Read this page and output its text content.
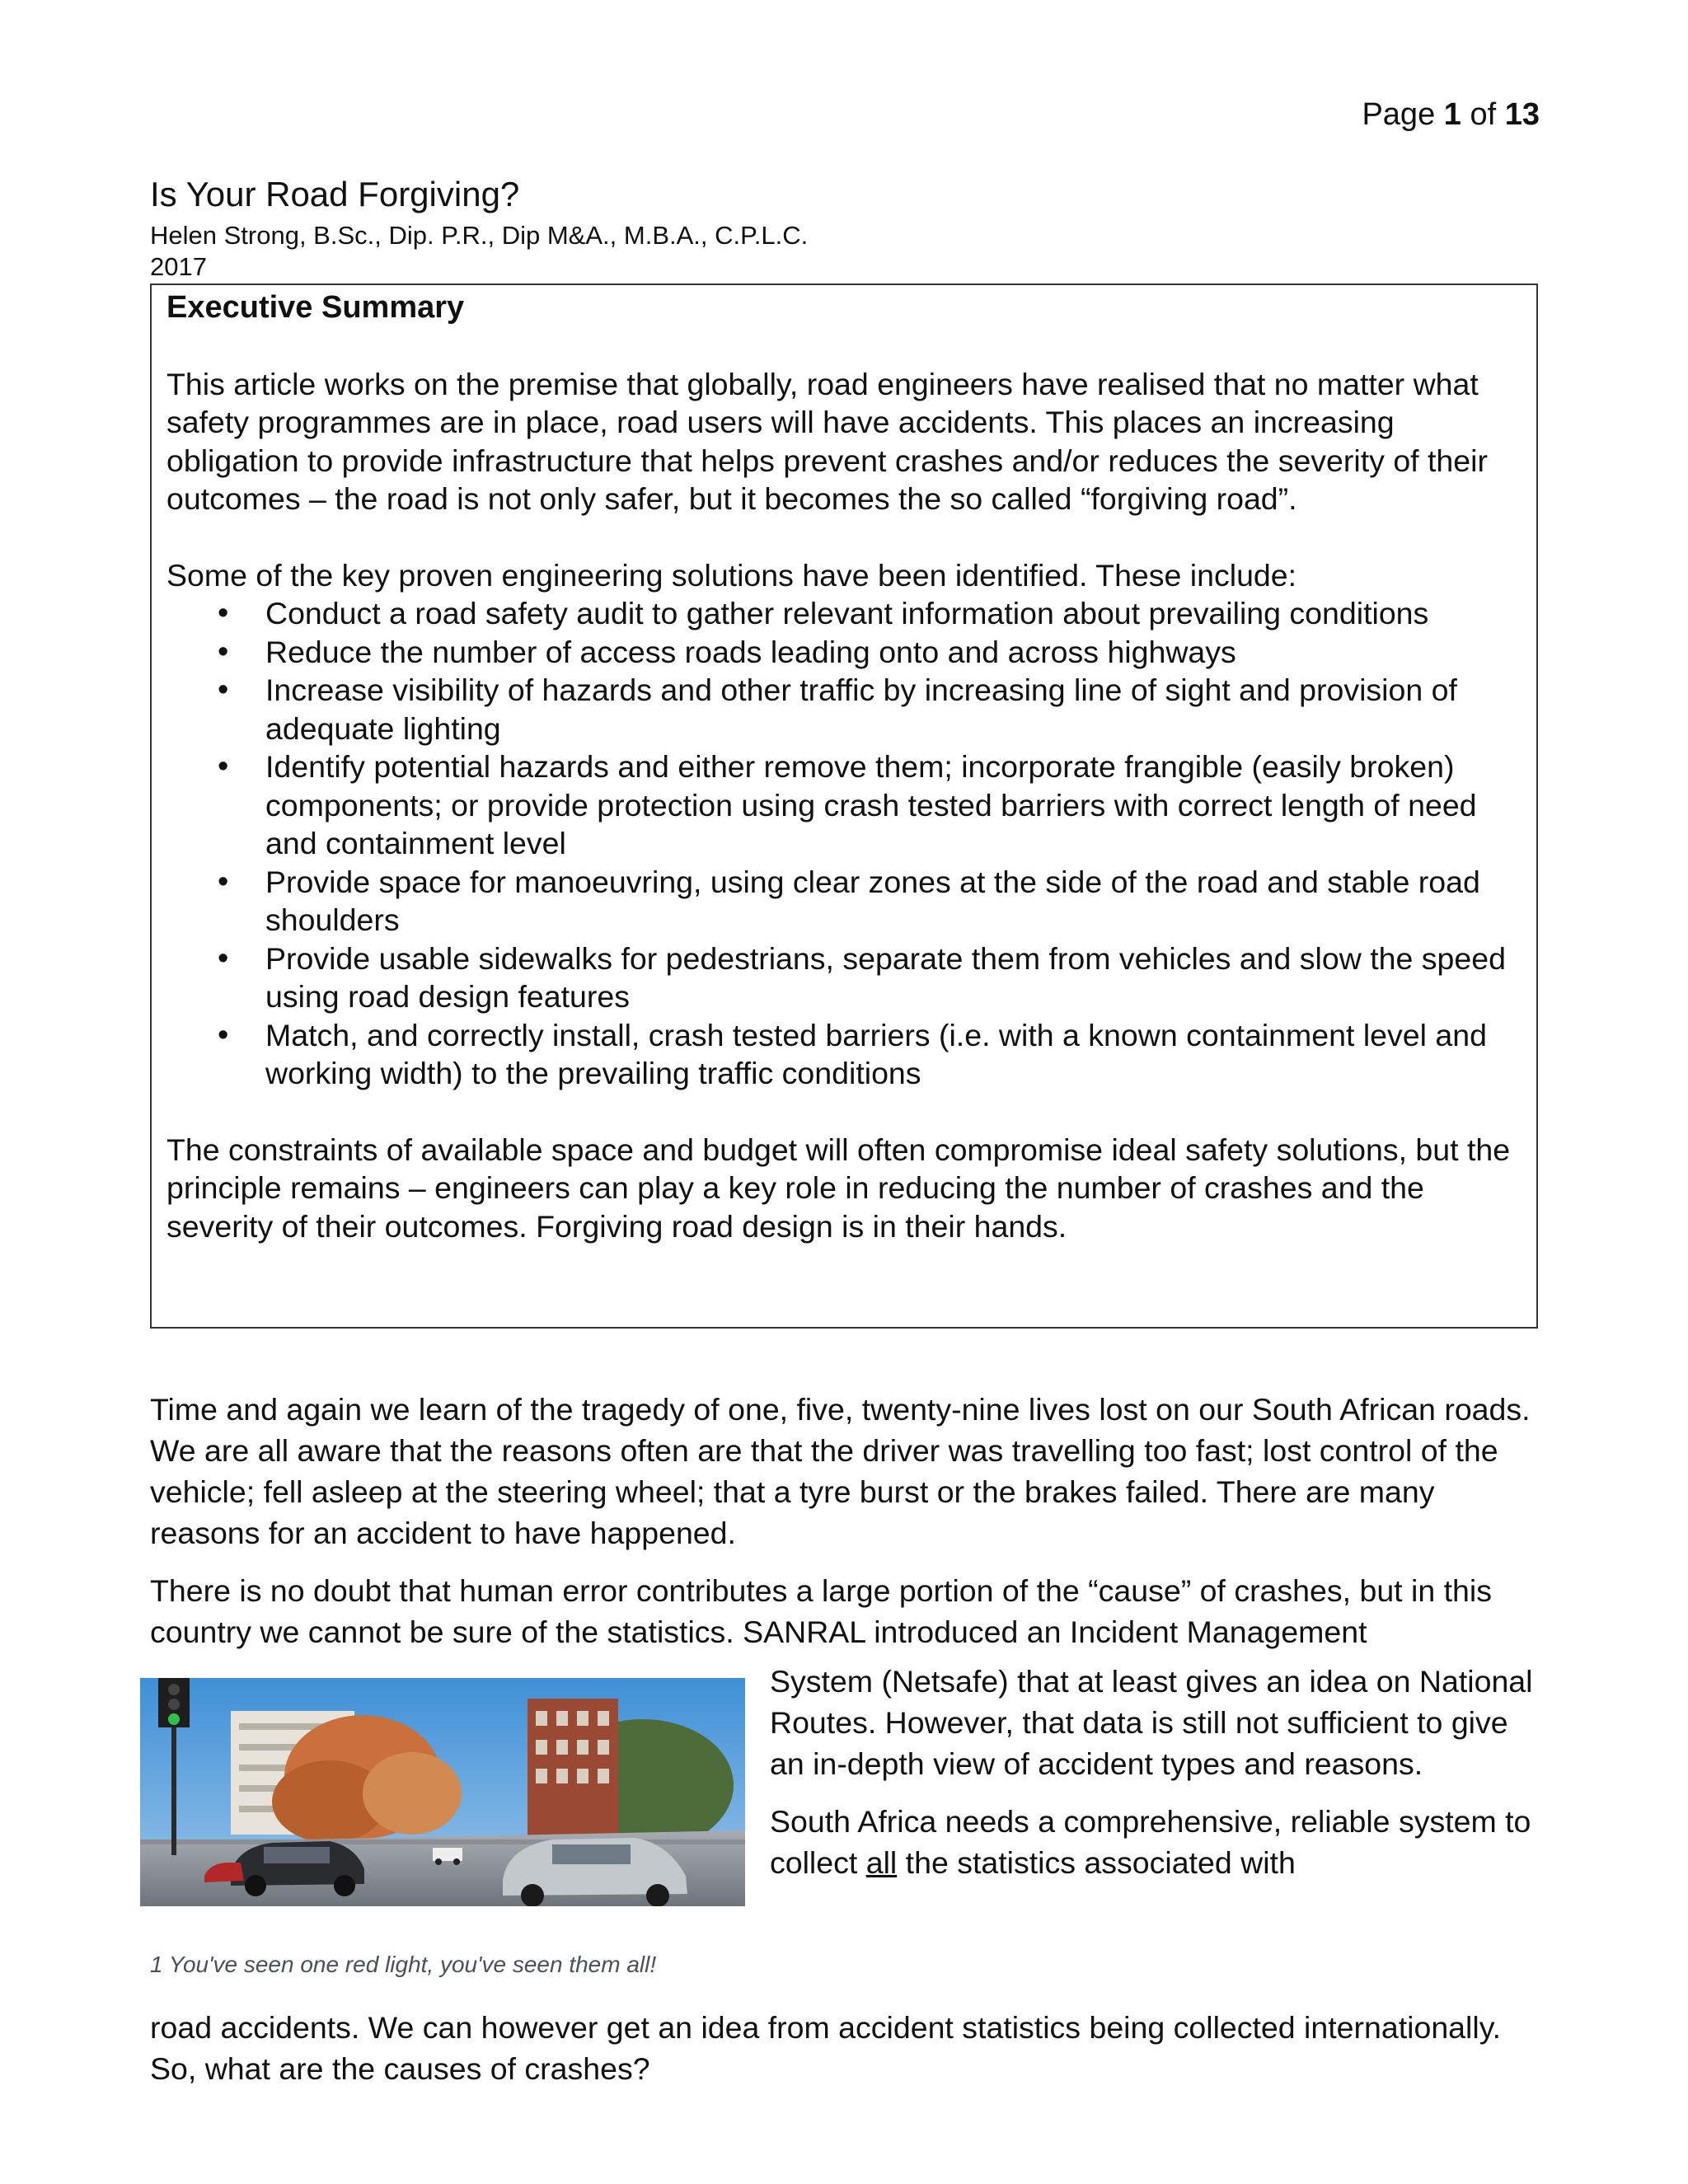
Page 1 of 13
Is Your Road Forgiving?
Helen Strong, B.Sc., Dip. P.R., Dip M&A., M.B.A., C.P.L.C.
2017

Executive Summary

This article works on the premise that globally, road engineers have realised that no matter what safety programmes are in place, road users will have accidents. This places an increasing obligation to provide infrastructure that helps prevent crashes and/or reduces the severity of their outcomes – the road is not only safer, but it becomes the so called “forgiving road”.

Some of the key proven engineering solutions have been identified. These include:

• Conduct a road safety audit to gather relevant information about prevailing conditions
• Reduce the number of access roads leading onto and across highways
• Increase visibility of hazards and other traffic by increasing line of sight and provision of adequate lighting
• Identify potential hazards and either remove them; incorporate frangible (easily broken) components; or provide protection using crash tested barriers with correct length of need and containment level
• Provide space for manoeuvring, using clear zones at the side of the road and stable road shoulders
• Provide usable sidewalks for pedestrians, separate them from vehicles and slow the speed using road design features
• Match, and correctly install, crash tested barriers (i.e. with a known containment level and working width) to the prevailing traffic conditions

The constraints of available space and budget will often compromise ideal safety solutions, but the principle remains – engineers can play a key role in reducing the number of crashes and the severity of their outcomes. Forgiving road design is in their hands.

Time and again we learn of the tragedy of one, five, twenty-nine lives lost on our South African roads. We are all aware that the reasons often are that the driver was travelling too fast; lost control of the vehicle; fell asleep at the steering wheel; that a tyre burst or the brakes failed. There are many reasons for an accident to have happened.

There is no doubt that human error contributes a large portion of the “cause” of crashes, but in this country we cannot be sure of the statistics. SANRAL introduced an Incident Management

System (Netsafe) that at least gives an idea on National Routes. However, that data is still not sufficient to give an in-depth view of accident types and reasons.

South Africa needs a comprehensive, reliable system to collect all the statistics associated with

1 You've seen one red light, you've seen them all!

road accidents. We can however get an idea from accident statistics being collected internationally. So, what are the causes of crashes?
